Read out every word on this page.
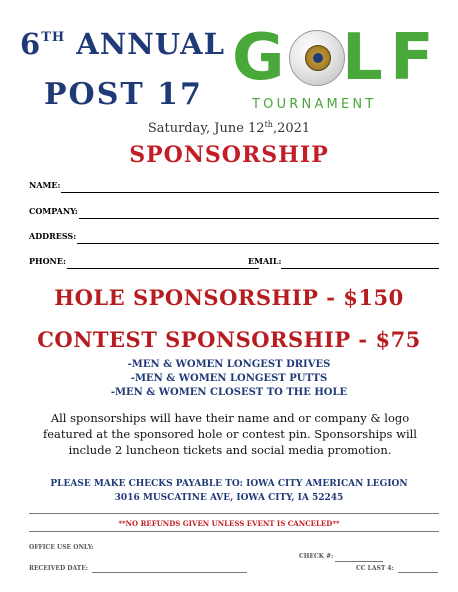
6TH ANNUAL
POST 17 G L F
TOURNAMENT
Saturday, June 12th,2021
SPONSORSHIP
NAME:
COMPANY:
ADDRESS:
PHONE:	EMAIL:
HOLE SPONSORSHIP - $150
CONTEST SPONSORSHIP - $75
-MEN & WOMEN LONGEST DRIVES
-MEN & WOMEN LONGEST PUTTS
-MEN & WOMEN CLOSEST TO THE HOLE
All sponsorships will have their name and or company & logo featured at the sponsored hole or contest pin. Sponsorships will include 2 luncheon tickets and social media promotion.
PLEASE MAKE CHECKS PAYABLE TO: IOWA CITY AMERICAN LEGION
3016 MUSCATINE AVE, IOWA CITY, IA 52245
**NO REFUNDS GIVEN UNLESS EVENT IS CANCELED**
OFFICE USE ONLY:
CHECK #:
RECEIVED DATE:	CC LAST 4:
